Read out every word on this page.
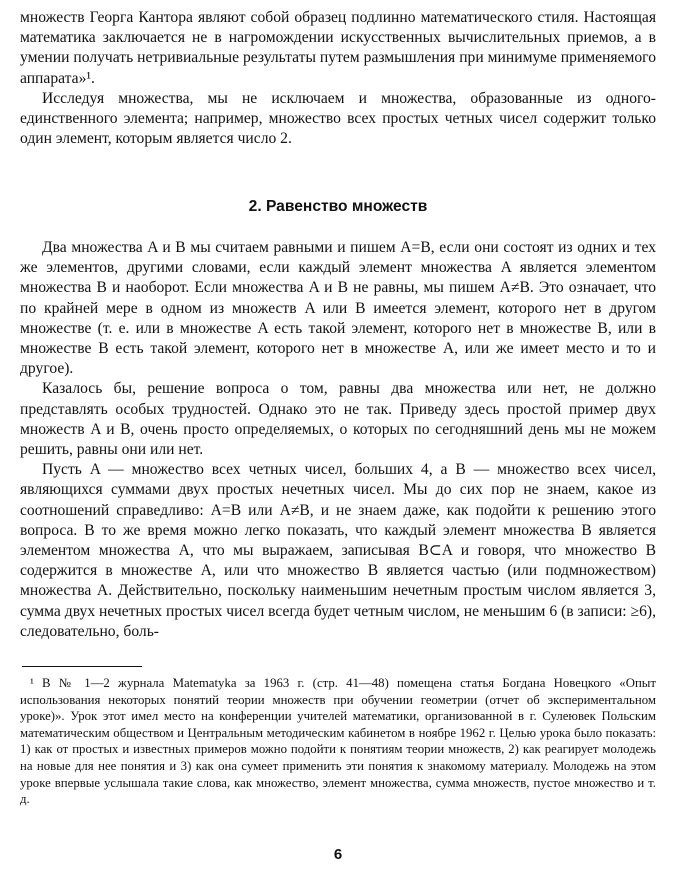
множеств Георга Кантора являют собой образец подлинно математического стиля. Настоящая математика заключается не в нагромождении искусственных вычислительных приемов, а в умении получать нетривиальные результаты путем размышления при минимуме применяемого аппарата»¹.

Исследуя множества, мы не исключаем и множества, образованные из одного-единственного элемента; например, множество всех простых четных чисел содержит только один элемент, которым является число 2.

2. Равенство множеств

Два множества A и B мы считаем равными и пишем A=B, если они состоят из одних и тех же элементов, другими словами, если каждый элемент множества A является элементом множества B и наоборот. Если множества A и B не равны, мы пишем A≠B. Это означает, что по крайней мере в одном из множеств A или B имеется элемент, которого нет в другом множестве (т. е. или в множестве A есть такой элемент, которого нет в множестве B, или в множестве B есть такой элемент, которого нет в множестве A, или же имеет место и то и другое).

Казалось бы, решение вопроса о том, равны два множества или нет, не должно представлять особых трудностей. Однако это не так. Приведу здесь простой пример двух множеств A и B, очень просто определяемых, о которых по сегодняшний день мы не можем решить, равны они или нет.

Пусть A — множество всех четных чисел, больших 4, а B — множество всех чисел, являющихся суммами двух простых нечетных чисел. Мы до сих пор не знаем, какое из соотношений справедливо: A=B или A≠B, и не знаем даже, как подойти к решению этого вопроса. В то же время можно легко показать, что каждый элемент множества B является элементом множества A, что мы выражаем, записывая B⊂A и говоря, что множество B содержится в множестве A, или что множество B является частью (или подмножеством) множества A. Действительно, поскольку наименьшим нечетным простым числом является 3, сумма двух нечетных простых чисел всегда будет четным числом, не меньшим 6 (в записи: ≥6), следовательно, боль-

¹ В № 1—2 журнала Matematyka за 1963 г. (стр. 41—48) помещена статья Богдана Новецкого «Опыт использования некоторых понятий теории множеств при обучении геометрии (отчет об экспериментальном уроке)». Урок этот имел место на конференции учителей математики, организованной в г. Сулеювек Польским математическим обществом и Центральным методическим кабинетом в ноябре 1962 г. Целью урока было показать: 1) как от простых и известных примеров можно подойти к понятиям теории множеств, 2) как реагирует молодежь на новые для нее понятия и 3) как она сумеет применить эти понятия к знакомому материалу. Молодежь на этом уроке впервые услышала такие слова, как множество, элемент множества, сумма множеств, пустое множество и т. д.

6
